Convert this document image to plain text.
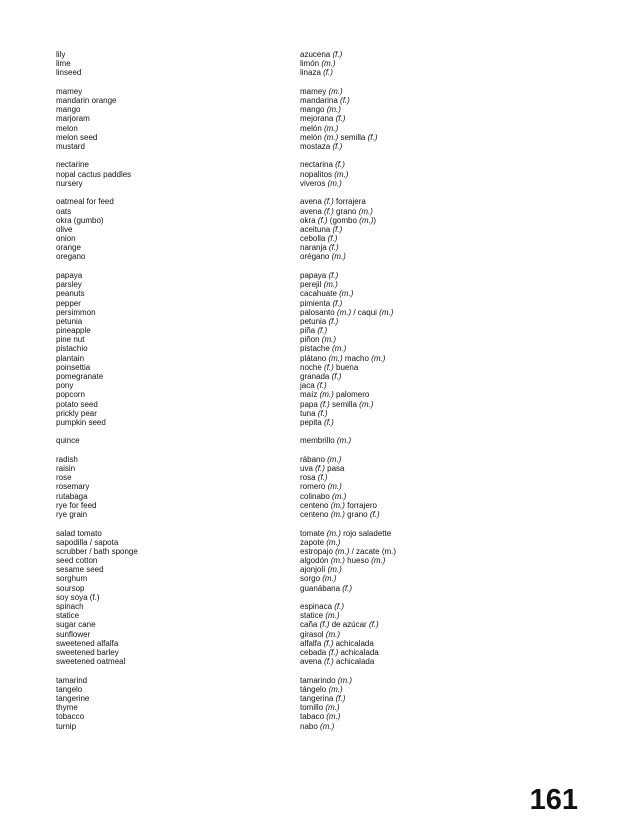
lily
lime
linseed
mamey
mandarin orange
mango
marjoram
melon
melon seed
mustard
nectarine
nopal cactus paddles
nursery
oatmeal for feed
oats
okra (gumbo)
olive
onion
orange
oregano
papaya
parsley
peanuts
pepper
persimmon
petunia
pineapple
pine nut
pistachio
plantain
poinsettia
pomegranate
pony
popcorn
potato seed
prickly pear
pumpkin seed
quince
radish
raisin
rose
rosemary
rutabaga
rye for feed
rye grain
salad tomato
sapodilla / sapota
scrubber / bath sponge
seed cotton
sesame seed
sorghum
soursop
soy soya (f.)
spinach
statice
sugar cane
sunflower
sweetened alfalfa
sweetened barley
sweetened oatmeal
tamarind
tangelo
tangerine
thyme
tobacco
turnip
azucena (f.)
limón (m.)
linaza (f.)
mamey (m.)
mandarina (f.)
mango (m.)
mejorana (f.)
melón (m.)
melón (m.) semilla (f.)
mostaza (f.)
nectarina (f.)
nopalitos (m.)
viveros (m.)
avena (f.) forrajera
avena (f.) grano (m.)
okra (f.) (gombo (m.))
aceituna (f.)
cebolla (f.)
naranja (f.)
orégano (m.)
papaya (f.)
perejil (m.)
cacahuate (m.)
pimienta (f.)
palosanto (m.) / caqui (m.)
petunia (f.)
piña (f.)
piñon (m.)
pistache (m.)
plátano (m.) macho (m.)
noche (f.) buena
granada (f.)
jaca (f.)
maíz (m.) palomero
papa (f.) semilla (m.)
tuna (f.)
pepita (f.)
membrillo (m.)
rábano (m.)
uva (f.) pasa
rosa (f.)
romero (m.)
colinabo (m.)
centeno (m.) forrajero
centeno (m.) grano (f.)
tomate (m.) rojo saladette
zapote (m.)
estropajo (m.) / zacate (m.)
algodón (m.) hueso (m.)
ajonjolí (m.)
sorgo (m.)
guanábana (f.)
espinaca (f.)
statice (m.)
caña (f.) de azúcar (f.)
girasol (m.)
alfalfa (f.) achicalada
cebada (f.) achicalada
avena (f.) achicalada
tamarindo (m.)
tángelo (m.)
tangerina (f.)
tomillo (m.)
tabaco (m.)
nabo (m.)
161
